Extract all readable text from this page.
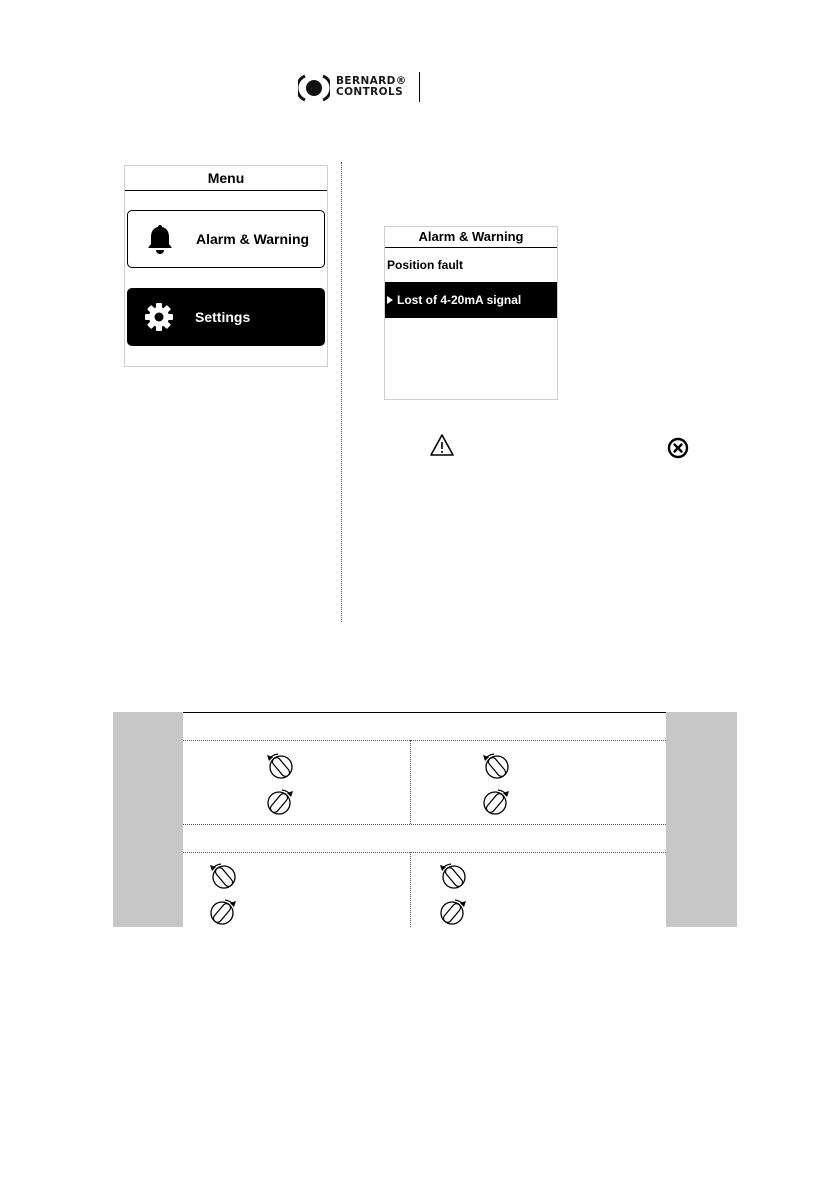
BERNARD®
CONTROLS
Menu
Alarm & Warning
Settings
Alarm & Warning
Position fault
Lost of 4-20mA signal
